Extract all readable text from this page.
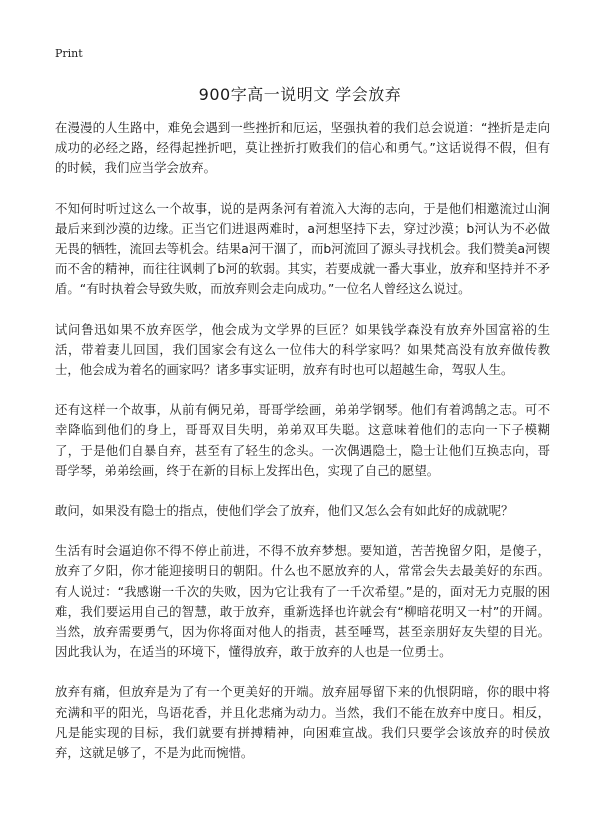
Print
900字高一说明文 学会放弃

在漫漫的人生路中，难免会遇到一些挫折和厄运，坚强执着的我们总会说道：“挫折是走向成功的必经之路，经得起挫折吧，莫让挫折打败我们的信心和勇气。”这话说得不假，但有的时候，我们应当学会放弃。

不知何时听过这么一个故事，说的是两条河有着流入大海的志向，于是他们相邀流过山涧最后来到沙漠的边缘。正当它们进退两难时，a河想坚持下去，穿过沙漠；b河认为不必做无畏的牺牲，流回去等机会。结果a河干涸了，而b河流回了源头寻找机会。我们赞美a河锲而不舍的精神，而往往讽刺了b河的软弱。其实，若要成就一番大事业，放弃和坚持并不矛盾。“有时执着会导致失败，而放弃则会走向成功。”一位名人曾经这么说过。

试问鲁迅如果不放弃医学，他会成为文学界的巨匠？如果钱学森没有放弃外国富裕的生活，带着妻儿回国，我们国家会有这么一位伟大的科学家吗？如果梵高没有放弃做传教士，他会成为着名的画家吗？诸多事实证明，放弃有时也可以超越生命，驾驭人生。

还有这样一个故事，从前有俩兄弟，哥哥学绘画，弟弟学钢琴。他们有着鸿鹄之志。可不幸降临到他们的身上，哥哥双目失明，弟弟双耳失聪。这意味着他们的志向一下子模糊了，于是他们自暴自弃，甚至有了轻生的念头。一次偶遇隐士，隐士让他们互换志向，哥哥学琴，弟弟绘画，终于在新的目标上发挥出色，实现了自己的愿望。

敢问，如果没有隐士的指点，使他们学会了放弃，他们又怎么会有如此好的成就呢？

生活有时会逼迫你不得不停止前进，不得不放弃梦想。要知道，苦苦挽留夕阳，是傻子，放弃了夕阳，你才能迎接明日的朝阳。什么也不愿放弃的人，常常会失去最美好的东西。有人说过：“我感谢一千次的失败，因为它让我有了一千次希望。”是的，面对无力克服的困难，我们要运用自己的智慧，敢于放弃，重新选择也许就会有“柳暗花明又一村”的开阔。当然，放弃需要勇气，因为你将面对他人的指责，甚至唾骂，甚至亲朋好友失望的目光。因此我认为，在适当的环境下，懂得放弃，敢于放弃的人也是一位勇士。

放弃有痛，但放弃是为了有一个更美好的开端。放弃屈辱留下来的仇恨阴暗，你的眼中将充满和平的阳光，鸟语花香，并且化悲痛为动力。当然，我们不能在放弃中度日。相反，凡是能实现的目标，我们就要有拼搏精神，向困难宣战。我们只要学会该放弃的时侯放弃，这就足够了，不是为此而惋惜。
